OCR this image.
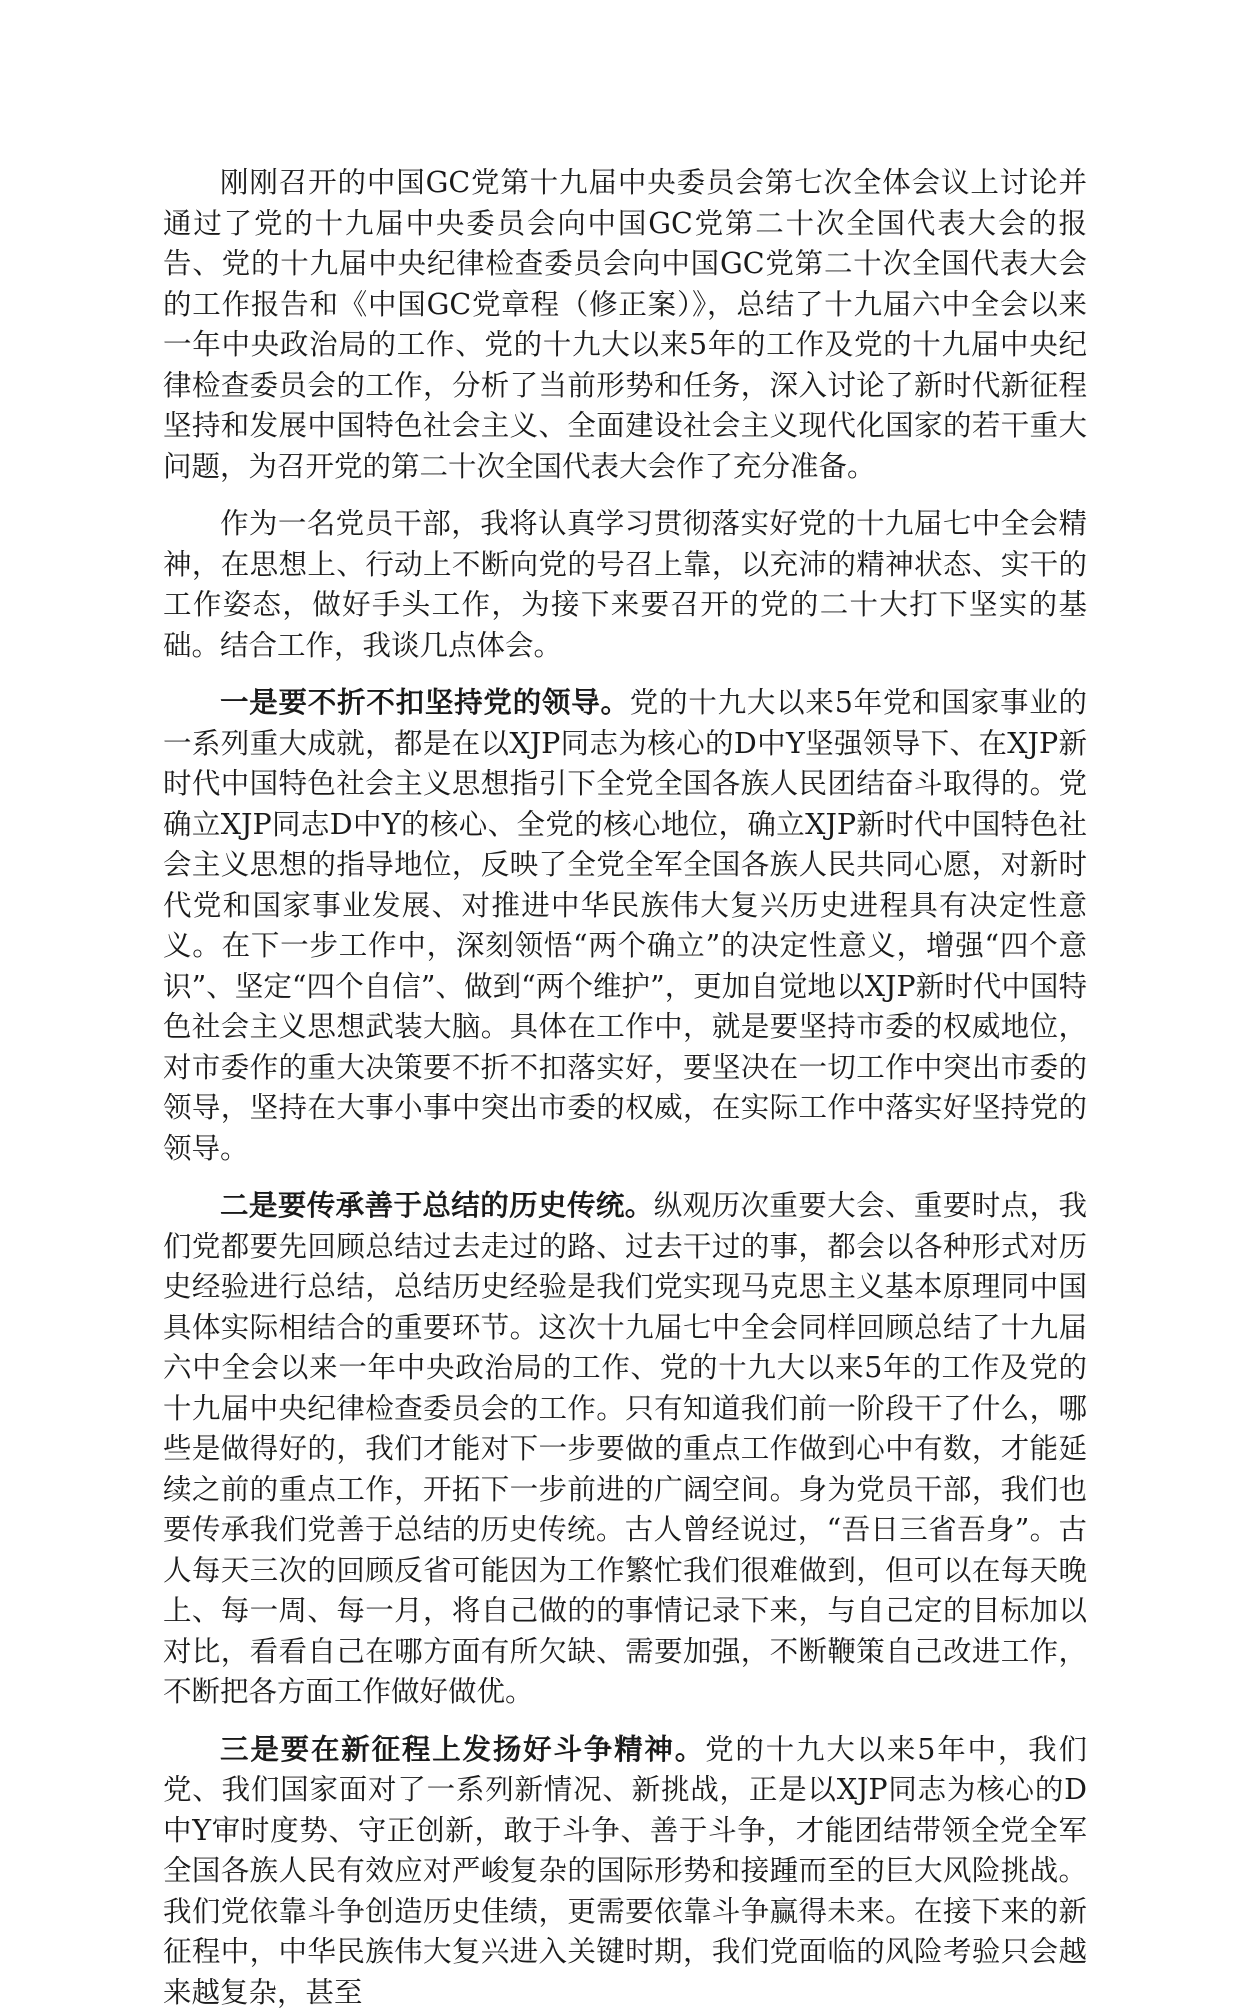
刚刚召开的中国GC党第十九届中央委员会第七次全体会议上讨论并通过了党的十九届中央委员会向中国GC党第二十次全国代表大会的报告、党的十九届中央纪律检查委员会向中国GC党第二十次全国代表大会的工作报告和《中国GC党章程（修正案）》，总结了十九届六中全会以来一年中央政治局的工作、党的十九大以来5年的工作及党的十九届中央纪律检查委员会的工作，分析了当前形势和任务，深入讨论了新时代新征程坚持和发展中国特色社会主义、全面建设社会主义现代化国家的若干重大问题，为召开党的第二十次全国代表大会作了充分准备。

作为一名党员干部，我将认真学习贯彻落实好党的十九届七中全会精神，在思想上、行动上不断向党的号召上靠，以充沛的精神状态、实干的工作姿态，做好手头工作，为接下来要召开的党的二十大打下坚实的基础。结合工作，我谈几点体会。

一是要不折不扣坚持党的领导。党的十九大以来5年党和国家事业的一系列重大成就，都是在以XJP同志为核心的D中Y坚强领导下、在XJP新时代中国特色社会主义思想指引下全党全国各族人民团结奋斗取得的。党确立XJP同志D中Y的核心、全党的核心地位，确立XJP新时代中国特色社会主义思想的指导地位，反映了全党全军全国各族人民共同心愿，对新时代党和国家事业发展、对推进中华民族伟大复兴历史进程具有决定性意义。在下一步工作中，深刻领悟“两个确立”的决定性意义，增强“四个意识”、坚定“四个自信”、做到“两个维护”，更加自觉地以XJP新时代中国特色社会主义思想武装大脑。具体在工作中，就是要坚持市委的权威地位，对市委作的重大决策要不折不扣落实好，要坚决在一切工作中突出市委的领导，坚持在大事小事中突出市委的权威，在实际工作中落实好坚持党的领导。

二是要传承善于总结的历史传统。纵观历次重要大会、重要时点，我们党都要先回顾总结过去走过的路、过去干过的事，都会以各种形式对历史经验进行总结，总结历史经验是我们党实现马克思主义基本原理同中国具体实际相结合的重要环节。这次十九届七中全会同样回顾总结了十九届六中全会以来一年中央政治局的工作、党的十九大以来5年的工作及党的十九届中央纪律检查委员会的工作。只有知道我们前一阶段干了什么，哪些是做得好的，我们才能对下一步要做的重点工作做到心中有数，才能延续之前的重点工作，开拓下一步前进的广阔空间。身为党员干部，我们也要传承我们党善于总结的历史传统。古人曾经说过，“吾日三省吾身”。古人每天三次的回顾反省可能因为工作繁忙我们很难做到，但可以在每天晚上、每一周、每一月，将自己做的的事情记录下来，与自己定的目标加以对比，看看自己在哪方面有所欠缺、需要加强，不断鞭策自己改进工作，不断把各方面工作做好做优。

三是要在新征程上发扬好斗争精神。党的十九大以来5年中，我们党、我们国家面对了一系列新情况、新挑战，正是以XJP同志为核心的D中Y审时度势、守正创新，敢于斗争、善于斗争，才能团结带领全党全军全国各族人民有效应对严峻复杂的国际形势和接踵而至的巨大风险挑战。我们党依靠斗争创造历史佳绩，更需要依靠斗争赢得未来。在接下来的新征程中，中华民族伟大复兴进入关键时期，我们党面临的风险考验只会越来越复杂，甚至
